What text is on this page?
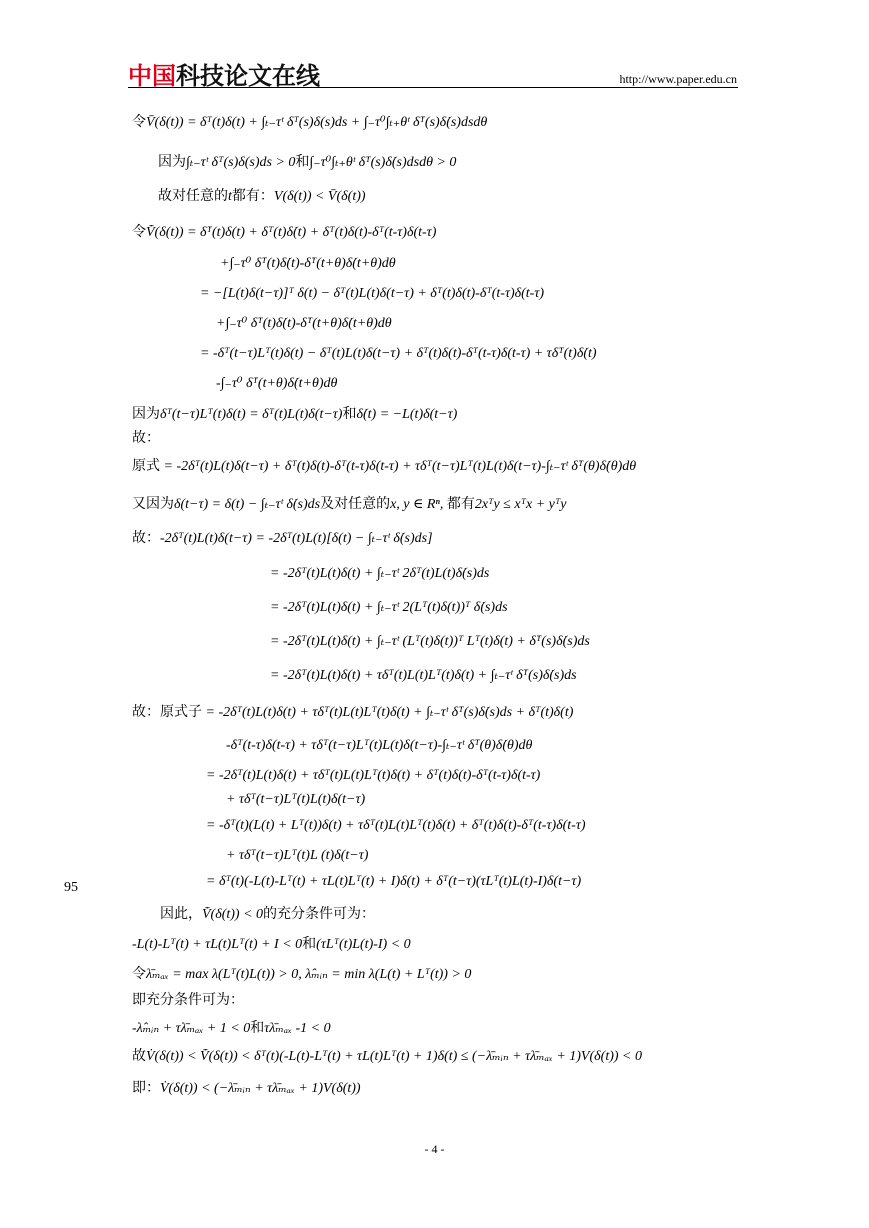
中国科技论文在线	http://www.paper.edu.cn
令V̄(δ(t)) = δᵀ(t)δ(t) + ∫ₜ₋τᵗ δᵀ(s)δ(s)ds + ∫₋τ⁰∫ₜ₊θᵗ δ̇ᵀ(s)δ̇(s)dsdθ
因为∫ₜ₋τᵗ δᵀ(s)δ(s)ds > 0和∫₋τ⁰∫ₜ₊θᵗ δ̇ᵀ(s)δ̇(s)dsdθ > 0
故对任意的t都有：V(δ(t)) < V̄(δ(t))
令V̄̇(δ(t)) = δ̇ᵀ(t)δ(t) + δᵀ(t)δ̇(t) + δᵀ(t)δ(t)-δᵀ(t-τ)δ(t-τ)
+∫₋τ⁰ δ̇ᵀ(t)δ̇(t)-δ̇ᵀ(t+θ)δ̇(t+θ)dθ
= −[L(t)δ(t−τ)]ᵀ δ(t) − δᵀ(t)L(t)δ(t−τ) + δᵀ(t)δ(t)-δᵀ(t-τ)δ(t-τ)
+∫₋τ⁰ δ̇ᵀ(t)δ̇(t)-δ̇ᵀ(t+θ)δ̇(t+θ)dθ
= -δᵀ(t−τ)Lᵀ(t)δ(t) − δᵀ(t)L(t)δ(t−τ) + δᵀ(t)δ(t)-δᵀ(t-τ)δ(t-τ) + τδ̇ᵀ(t)δ̇(t)
-∫₋τ⁰ δ̇ᵀ(t+θ)δ̇(t+θ)dθ
因为δᵀ(t−τ)Lᵀ(t)δ(t) = δᵀ(t)L(t)δ(t−τ)和δ̇(t) = −L(t)δ(t−τ)
故：
原式 = -2δᵀ(t)L(t)δ(t−τ) + δᵀ(t)δ(t)-δᵀ(t-τ)δ(t-τ) + τδᵀ(t−τ)Lᵀ(t)L(t)δ(t−τ)-∫ₜ₋τᵗ δ̇ᵀ(θ)δ̇(θ)dθ
又因为δ(t−τ) = δ(t) − ∫ₜ₋τᵗ δ̇(s)ds及对任意的x, y ∈ Rⁿ, 都有2xᵀy ≤ xᵀx + yᵀy
故：-2δᵀ(t)L(t)δ(t−τ) = -2δᵀ(t)L(t)[δ(t) − ∫ₜ₋τᵗ δ̇(s)ds]
= -2δᵀ(t)L(t)δ(t) + ∫ₜ₋τᵗ 2δᵀ(t)L(t)δ̇(s)ds
= -2δᵀ(t)L(t)δ(t) + ∫ₜ₋τᵗ 2(Lᵀ(t)δ(t))ᵀ δ̇(s)ds
= -2δᵀ(t)L(t)δ(t) + ∫ₜ₋τᵗ (Lᵀ(t)δ(t))ᵀ Lᵀ(t)δ(t) + δ̇ᵀ(s)δ̇(s)ds
= -2δᵀ(t)L(t)δ(t) + τδᵀ(t)L(t)Lᵀ(t)δ(t) + ∫ₜ₋τᵗ δ̇ᵀ(s)δ̇(s)ds
故：原式子 = -2δᵀ(t)L(t)δ(t) + τδᵀ(t)L(t)Lᵀ(t)δ(t) + ∫ₜ₋τᵗ δ̇ᵀ(s)δ̇(s)ds + δᵀ(t)δ(t)
-δᵀ(t-τ)δ(t-τ) + τδᵀ(t−τ)Lᵀ(t)L(t)δ(t−τ)-∫ₜ₋τᵗ δ̇ᵀ(θ)δ̇(θ)dθ
= -2δᵀ(t)L(t)δ(t) + τδᵀ(t)L(t)Lᵀ(t)δ(t) + δᵀ(t)δ(t)-δᵀ(t-τ)δ(t-τ)
+ τδᵀ(t−τ)Lᵀ(t)L(t)δ(t−τ)
= -δᵀ(t)(L(t) + Lᵀ(t))δ(t) + τδᵀ(t)L(t)Lᵀ(t)δ(t) + δᵀ(t)δ(t)-δᵀ(t-τ)δ(t-τ)
+ τδᵀ(t−τ)Lᵀ(t)L (t)δ(t−τ)
= δᵀ(t)(-L(t)-Lᵀ(t) + τL(t)Lᵀ(t) + I)δ(t) + δᵀ(t−τ)(τLᵀ(t)L(t)-I)δ(t−τ)
因此，V̄̇(δ(t)) < 0的充分条件可为：
-L(t)-Lᵀ(t) + τL(t)Lᵀ(t) + I < 0和(τLᵀ(t)L(t)-I) < 0
令λ̄ₘₐₓ = max λ(Lᵀ(t)L(t)) > 0, λ̂ₘᵢₙ = min λ(L(t) + Lᵀ(t)) > 0
即充分条件可为：
-λ̂ₘᵢₙ + τλ̄ₘₐₓ + 1 < 0和τλ̄ₘₐₓ -1 < 0
故V̇(δ(t)) < V̄̇(δ(t)) < δᵀ(t)(-L(t)-Lᵀ(t) + τL(t)Lᵀ(t) + 1)δ(t) ≤ (−λ̄ₘᵢₙ + τλ̄ₘₐₓ + 1)V(δ(t)) < 0
即：V̇(δ(t)) < (−λ̄ₘᵢₙ + τλ̄ₘₐₓ + 1)V(δ(t))
95
- 4 -
